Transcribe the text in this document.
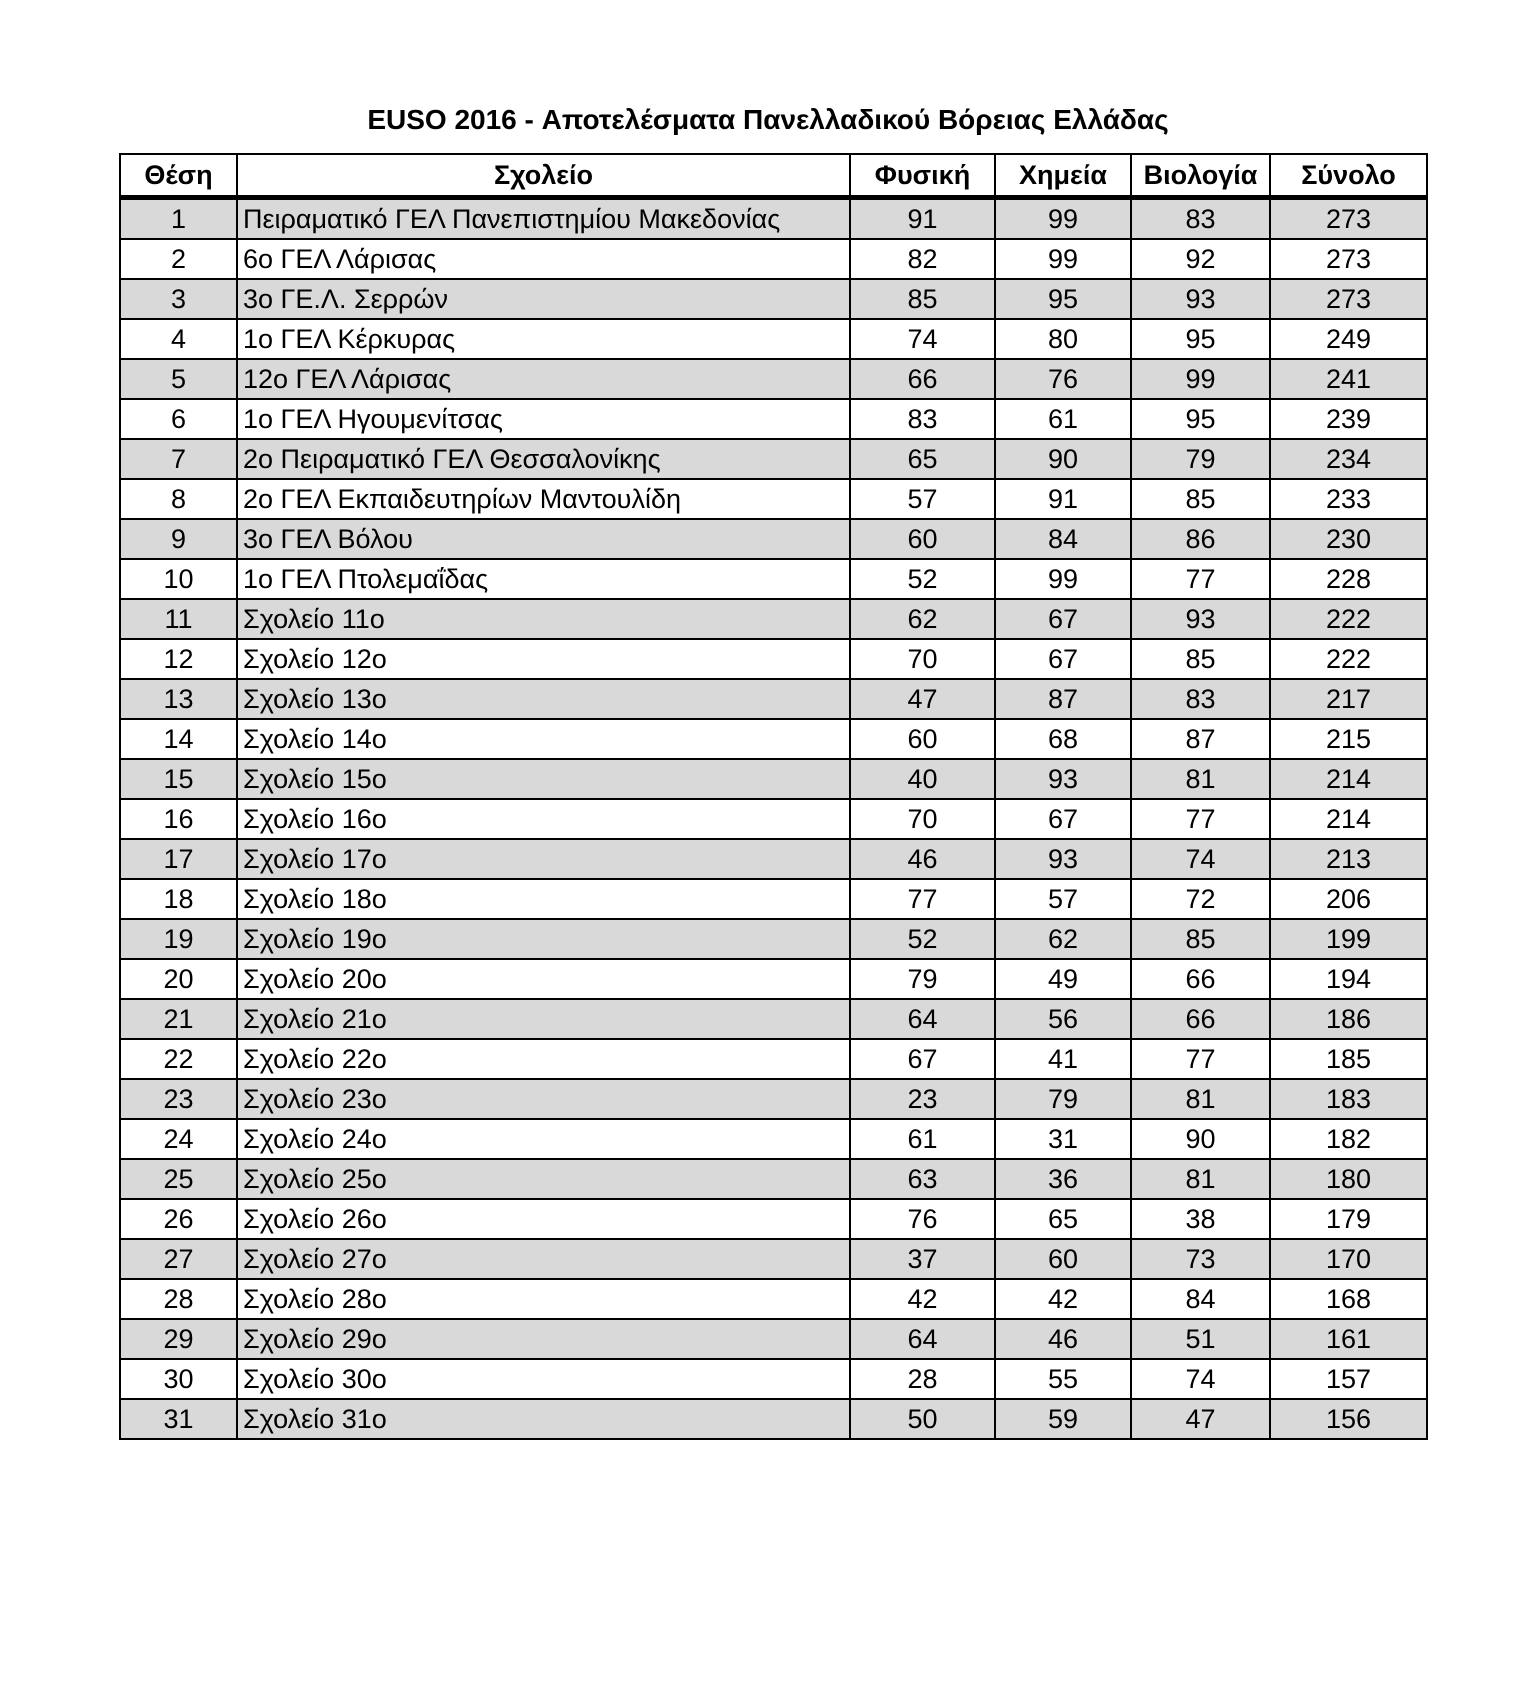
EUSO 2016 - Αποτελέσματα Πανελλαδικού Βόρειας Ελλάδας
Θέση	Σχολείο	Φυσική	Χημεία	Βιολογία	Σύνολο
1	Πειραματικό ΓΕΛ Πανεπιστημίου Μακεδονίας	91	99	83	273
2	6ο ΓΕΛ Λάρισας	82	99	92	273
3	3ο ΓΕ.Λ. Σερρών	85	95	93	273
4	1ο ΓΕΛ Κέρκυρας	74	80	95	249
5	12ο ΓΕΛ Λάρισας	66	76	99	241
6	1ο ΓΕΛ Ηγουμενίτσας	83	61	95	239
7	2ο Πειραματικό ΓΕΛ Θεσσαλονίκης	65	90	79	234
8	2ο ΓΕΛ Εκπαιδευτηρίων Μαντουλίδη	57	91	85	233
9	3ο ΓΕΛ Βόλου	60	84	86	230
10	1ο ΓΕΛ Πτολεμαΐδας	52	99	77	228
11	Σχολείο 11ο	62	67	93	222
12	Σχολείο 12ο	70	67	85	222
13	Σχολείο 13ο	47	87	83	217
14	Σχολείο 14ο	60	68	87	215
15	Σχολείο 15ο	40	93	81	214
16	Σχολείο 16ο	70	67	77	214
17	Σχολείο 17ο	46	93	74	213
18	Σχολείο 18ο	77	57	72	206
19	Σχολείο 19ο	52	62	85	199
20	Σχολείο 20ο	79	49	66	194
21	Σχολείο 21ο	64	56	66	186
22	Σχολείο 22ο	67	41	77	185
23	Σχολείο 23ο	23	79	81	183
24	Σχολείο 24ο	61	31	90	182
25	Σχολείο 25ο	63	36	81	180
26	Σχολείο 26ο	76	65	38	179
27	Σχολείο 27ο	37	60	73	170
28	Σχολείο 28ο	42	42	84	168
29	Σχολείο 29ο	64	46	51	161
30	Σχολείο 30ο	28	55	74	157
31	Σχολείο 31ο	50	59	47	156
